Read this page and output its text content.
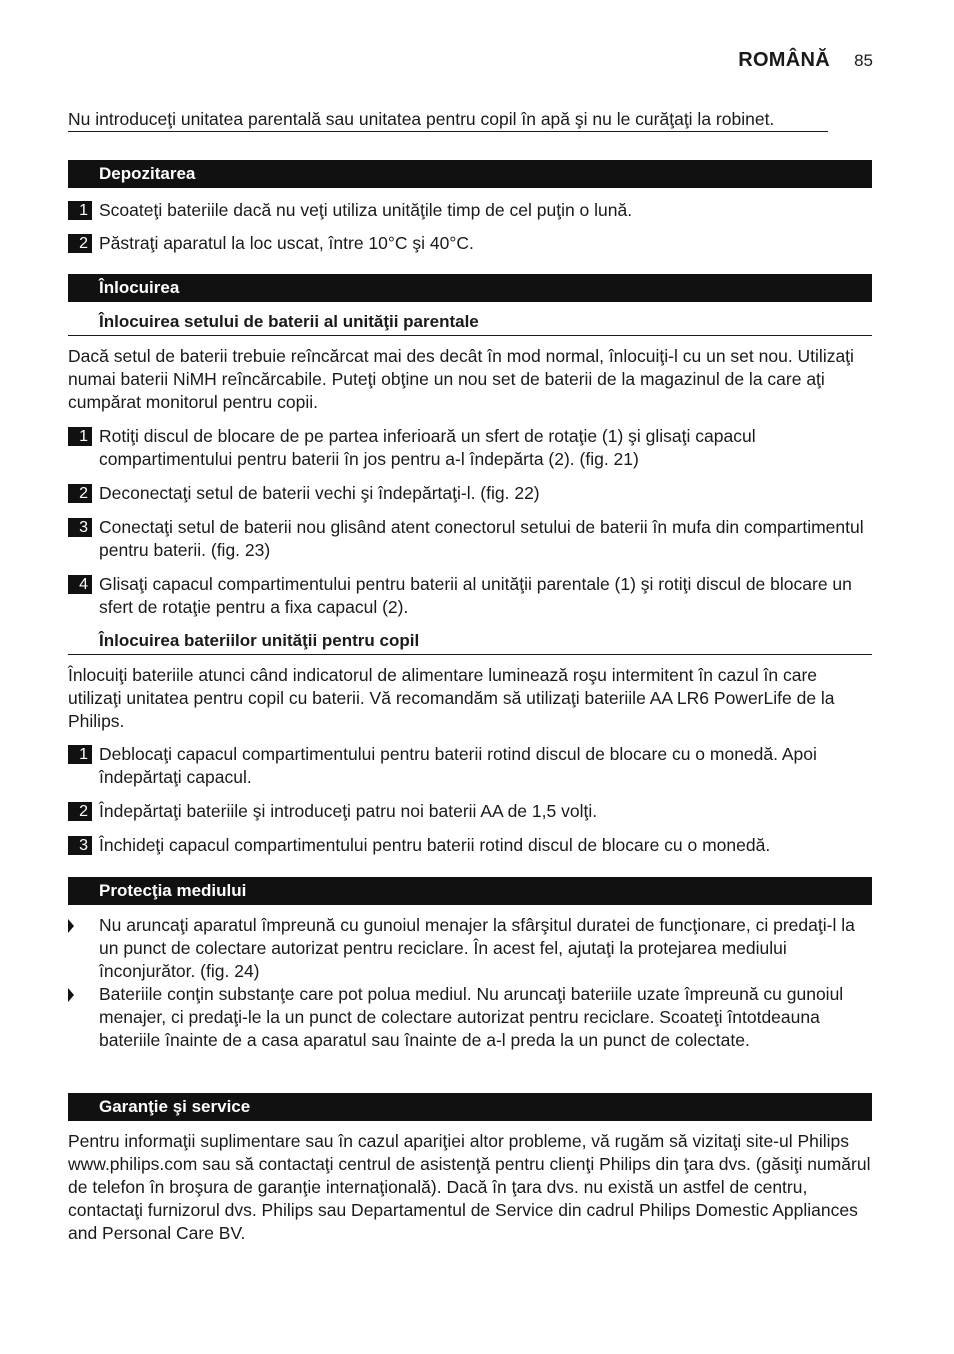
ROMÂNĂ 85
Nu introduceţi unitatea parentală sau unitatea pentru copil în apă şi nu le curăţaţi la robinet.
Depozitarea
1 Scoateţi bateriile dacă nu veţi utiliza unităţile timp de cel puţin o lună.
2 Păstraţi aparatul la loc uscat, între 10°C şi 40°C.
Înlocuirea
Înlocuirea setului de baterii al unităţii parentale
Dacă setul de baterii trebuie reîncărcat mai des decât în mod normal, înlocuiţi-l cu un set nou. Utilizaţi numai baterii NiMH reîncărcabile. Puteţi obţine un nou set de baterii de la magazinul de la care aţi cumpărat monitorul pentru copii.
1 Rotiţi discul de blocare de pe partea inferioară un sfert de rotaţie (1) şi glisaţi capacul compartimentului pentru baterii în jos pentru a-l îndepărta (2). (fig. 21)
2 Deconectaţi setul de baterii vechi şi îndepărtaţi-l. (fig. 22)
3 Conectaţi setul de baterii nou glisând atent conectorul setului de baterii în mufa din compartimentul pentru baterii. (fig. 23)
4 Glisaţi capacul compartimentului pentru baterii al unităţii parentale (1) şi rotiţi discul de blocare un sfert de rotaţie pentru a fixa capacul (2).
Înlocuirea bateriilor unităţii pentru copil
Înlocuiţi bateriile atunci când indicatorul de alimentare luminează roşu intermitent în cazul în care utilizaţi unitatea pentru copil cu baterii. Vă recomandăm să utilizaţi bateriile AA LR6 PowerLife de la Philips.
1 Deblocaţi capacul compartimentului pentru baterii rotind discul de blocare cu o monedă. Apoi îndepărtaţi capacul.
2 Îndepărtaţi bateriile şi introduceţi patru noi baterii AA de 1,5 volţi.
3 Închideţi capacul compartimentului pentru baterii rotind discul de blocare cu o monedă.
Protecţia mediului
Nu aruncaţi aparatul împreună cu gunoiul menajer la sfârşitul duratei de funcţionare, ci predaţi-l la un punct de colectare autorizat pentru reciclare. În acest fel, ajutaţi la protejarea mediului înconjurător. (fig. 24)
Bateriile conţin substanţe care pot polua mediul. Nu aruncaţi bateriile uzate împreună cu gunoiul menajer, ci predaţi-le la un punct de colectare autorizat pentru reciclare. Scoateţi întotdeauna bateriile înainte de a casa aparatul sau înainte de a-l preda la un punct de colectate.
Garanţie şi service
Pentru informaţii suplimentare sau în cazul apariţiei altor probleme, vă rugăm să vizitaţi site-ul Philips www.philips.com sau să contactaţi centrul de asistenţă pentru clienţi Philips din ţara dvs. (găsiţi numărul de telefon în broşura de garanţie internaţională). Dacă în ţara dvs. nu există un astfel de centru, contactaţi furnizorul dvs. Philips sau Departamentul de Service din cadrul Philips Domestic Appliances and Personal Care BV.
